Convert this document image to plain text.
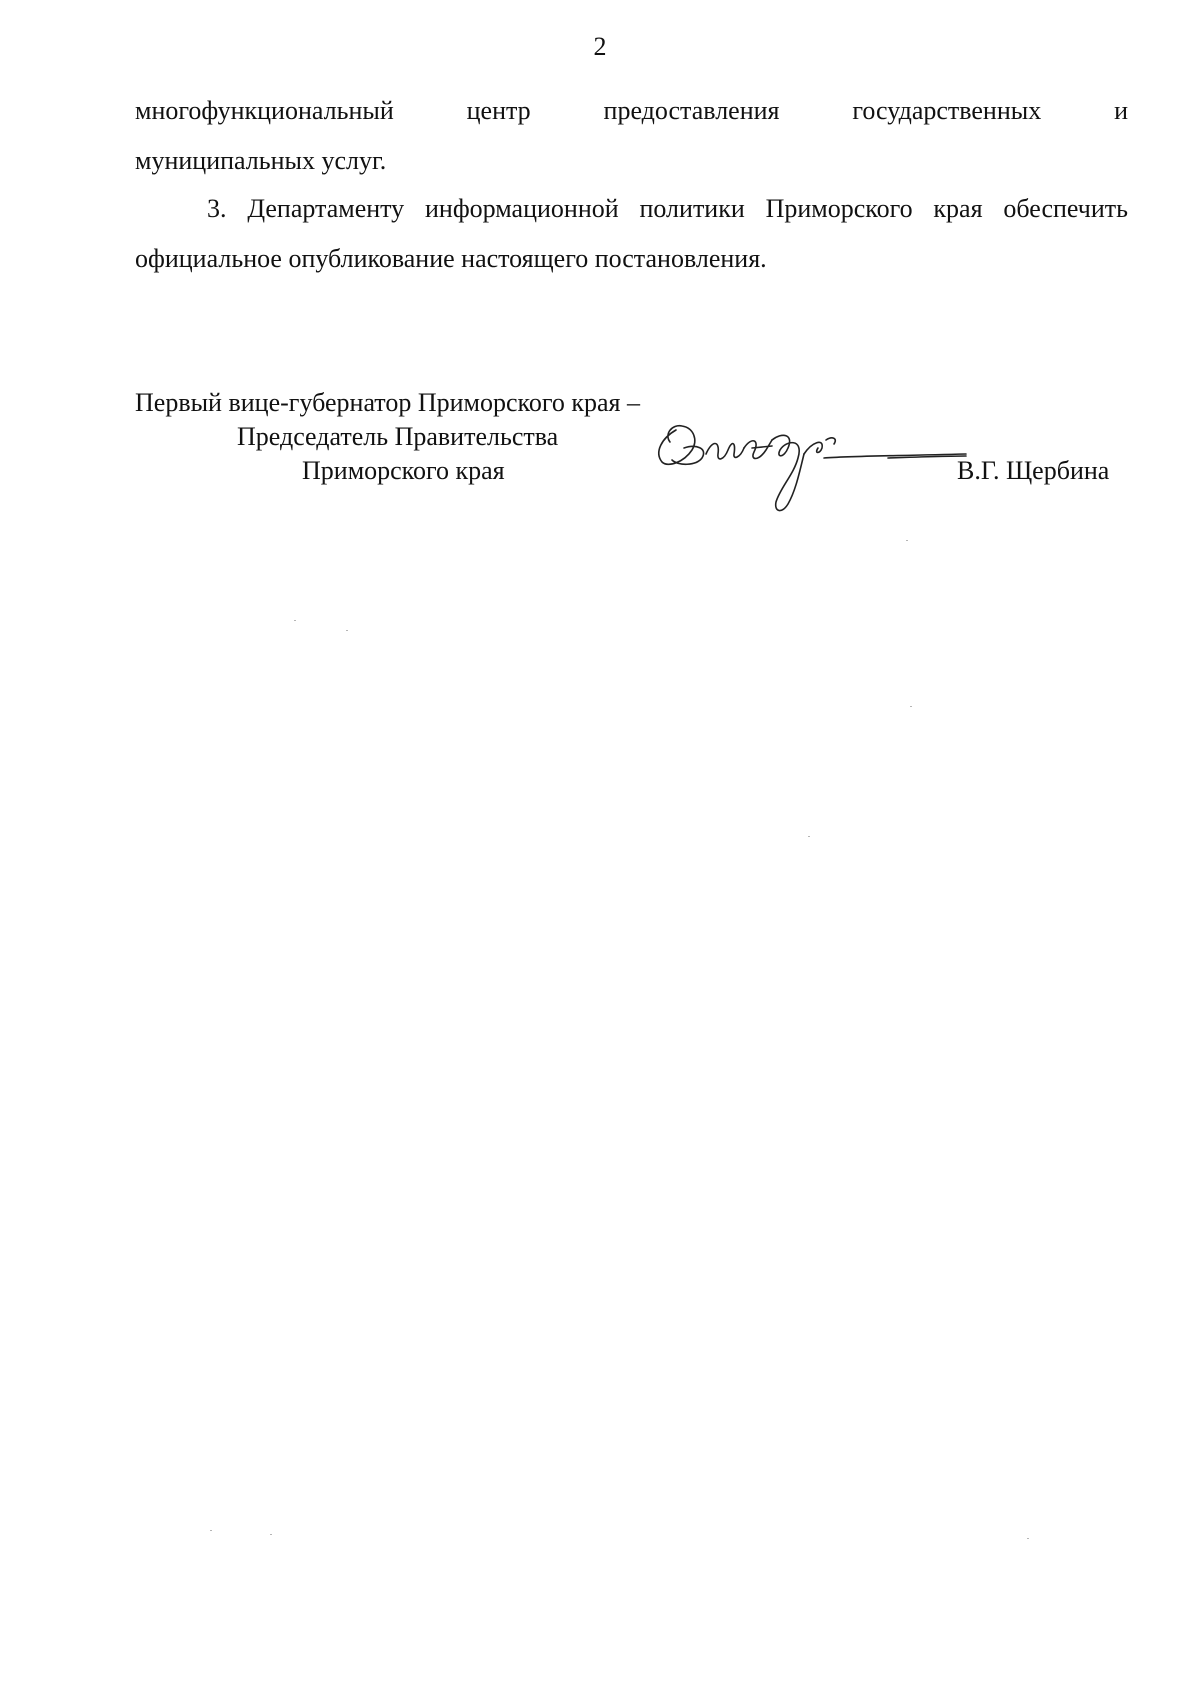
2
многофункциональный центр предоставления государственных и
муниципальных услуг.
3. Департаменту информационной политики Приморского края обеспечить
официальное опубликование настоящего постановления.
Первый вице-губернатор Приморского края –
Председатель Правительства
Приморского края	В.Г. Щербина
